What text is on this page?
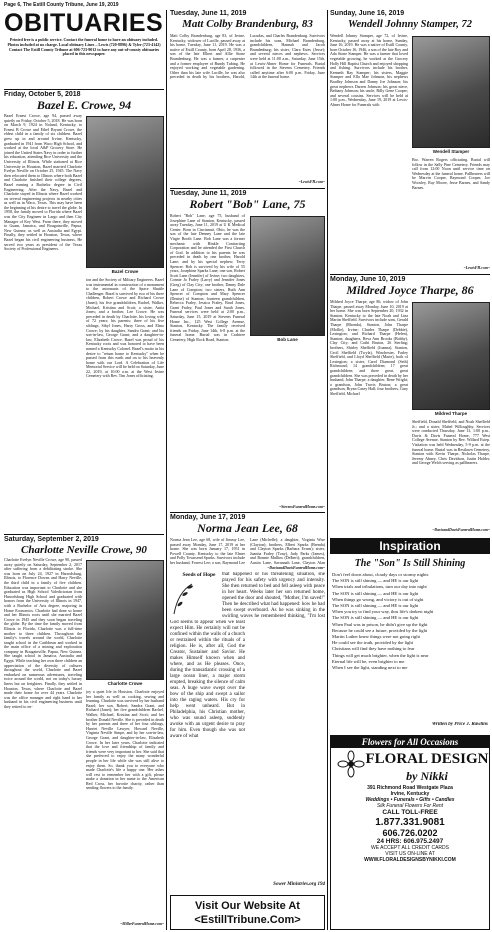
Page 6, The Estill County Tribune, June 19, 2019
OBITUARIES
Printed free is a public service. Contact the funeral home to have an obituary included. Photos included at no charge. Local obituary Lines – Lewis (720-8896) & Tyler (723-4142) Contact The Estill County Tribune at 606-723-9012 to have any out-of-county obituaries placed in this newspaper.
Friday, October 5, 2018
Bazel E. Crowe, 94
Bazel Ernest Crowe, age 94, passed away quietly on Friday, October 5, 2018. He was born on March 9, 1924 in Noland, Kentucky, to Ernest B Crowe and Ethel Bryant Crowe, the eldest child in a family of six children. Bazel grew up in and around Irvine, Kentucky, graduated in 1941 from Wacо High School, and worked at the local A&P Grocery Store. He joined the United States Navy in order to further his education, attending Rice University and the University of Illinois. While stationed at Rice University in Houston, Bazel married Charlotte Evelyn Neville on October 25, 1945. The Navy then relocated them to Illinois where both Bazel and Charlotte finished their college degrees, Bazel earning a Bachelor degree in Civil Engineering. After the Navy, Bazel and Charlotte stayed in Illinois where Bazel worked on several engineering projects in nearby cities as well as in Waco, Texas. This may have been the beginning of his desire to travel the globe. In 1958, the family moved to Florida where Bazel was the City Engineer in Largo and then City Manager of Key West. From there, they moved to Guam, Jamaica, and Bougainville, Papua, New Guinea; as well as Australia and Egypt. Finally, they settled in Houston, Texas, where Bazel began his civil engineering business. He served two years as president of the Texas Society of Professional Engineers.
Bazel Crowe
ton and the Society of Military Engineers. Bazel was instrumental in construction of a monument to the astronauts of the Space Shuttle Challenger. Bazel is survived by two of his three children, Robert Crowe and Richard Crowe (Janet); his five grandchildren, Rachel, Walker, Michael, Kristina and Scott; a sister, Anita Jones; and a brother, Lee Crowe. He was preceded in death by Charlotte, his loving wife of 72 years; his parents; three of his five siblings, Sibyl Jones, Harry Gross, and Elmo Crowe; by his daughter, Sandra Grant; and his son-in-law, George Grant; and a daughter-in-law, Elizabeth Crowe. Bazel was proud of his Kentucky roots and was honored to have been named a Kentucky Colonel. Bazel's motto in his desire to "return home to Kentucky" when he passed from this earth and on to his heavenly home with our Lord. A Celebration of Life Memorial Service will be held on Saturday, June 22, 2019, at 10:00 a.m. at the West Irvine Cemetery with Rev. Tim Jones officiating.
Saturday, September 2, 2019
Charlotte Neville Crowe, 90
Charlotte Evelyn Neville Crowe, age 90, passed away quietly on Saturday, September 2, 2017 after suffering from a debilitating stroke. She was born on July 24, 1927 in Harrodsburg, Illinois, to Florence Downs and Harry Neville, the third child in a family of five children. Education was important to Charlotte and she graduated as High School Valedictorian from Harrodsburg High School and graduated with honors from the University of Illinois in 1947, with a Bachelor of Arts degree, majoring in Home Economics. Charlotte had done so home and her Illinois roots until she married Bazel Crowe in 1945 and they soon began traveling the globe. By the time the family moved from Illinois to Florida, Charlotte was a full-time mother to three children. Throughout the family's travels around the world, Charlotte taught school in the Caribbean and worked in the main office of a mining and exploration company in Bougainville, Papua, New Guinea. She taught school in Jamaica, Australia and Egypt. While teaching her own three children an appreciation of the diversity of cultures throughout the world, Charlotte and Bazel embarked on numerous adventures, traveling twice around the world, not on today's luxury liners but on freighters. Finally, they settled in Houston, Texas, where Charlotte and Bazel made their home for over 44 years. Charlotte was the office manager and right hand to her husband in his civil engineering business until they retired to en-
Charlotte Crowe
joy a quiet life in Houston. Charlotte enjoyed her family as well as cooking, sewing and learning. Charlotte was survived by her husband Bazel; her son, Robert; Sandra Grant, and Richard (Janet); her five grandchildren Rachel, Walker, Michael, Kristina and Scott; and her brother Donald Neville. She is preceded in death by her parents and three of her four siblings, Harriet Neville Lawyer, Howard Neville, Virginia Neville Simpe, and by her son-in-law, George Grant, and daughter-in-law, Elizabeth Crowe. In her later years, Charlotte indicated that the love and friendship of family and friends were very important to her. She said that she preferred to enjoy the many wonderful people in her life while she was still alive to enjoy them. So, thank you to everyone who made Charlotte's life a happy one. Her ashes will rest to remember her with a gift, please make a donation in her name to the American Red Cross, her favorite charity, rather than sending flowers to the family.
~MillerFuneralHome.com~
Tuesday, June 11, 2019
Matt Colby Brandenburg, 83
Matt Colby Brandenburg, age 83, of Irvine, Kentucky, widower of Lucille, passed away at his home, Tuesday, June 11, 2019. He was a native of Estill County, born April 28, 1936, a son of the late Elbert and Allie Stone Brandenburg. He was a farmer, a carpenter and a former employee of Bundy Tubing. He enjoyed working and vegetable gardening. Other than his late wife Lucille, he was also preceded in death by his brothers, Harold, Lucudas, and Charles Brandenburg. Survivors include his sons, Michael Brandenburg, grandchildren, Hannah and Jacob Brandenburg; his sister, Clara Estes (Jesse); and several nieces and nephews. Services were held at 11:00 a.m., Saturday, June 15th, at Lewis-Abner Home for Funerals. Burial followed in the Stevens Cemetery. Friends called anytime after 6:00 p.m. Friday, June 14th at the funeral home.
~LewisFH.com~
Tuesday, June 11, 2019
Robert "Bob" Lane, 75
Robert "Bob" Lane, age 75, husband of Josephine Lane of Stanton, Kentucky, passed away Tuesday, June 11, 2019 at U K Medical Center. Born in Cincinnati, Ohio, he was the son of the late Denney Lane and the late Virgie Booth Lane. Bob Lane was a former mechanic with Hinkle Contracting Corporation and he attended the First Church of God. In addition to his parents he was preceded in death by one brother, Harold Lane; and by his special nephew, Terry Spencer. Bob is survived by his wife of 55 years, Josephine Sparks Lane; one son, Robert Scott Lane (Jennifer) of Irvine; two daughters, Connie Jo Fraley (Larry) and Jennifer Jones (Greg) of Clay City; one brother, Danny Dale Lane of Compton; two sisters, Ruth Ann Spencer of Compton and Mary Spencer (Denise) of Stanton; fourteen grandchildren, Rebecca Fraley, Jessica Fraley, Brad Jones, Grant Fraley, Paul Jones and Sarah Jones. Funeral services were held at 2:00 p.m., Saturday, June 15, 2019 at Stevens Funeral Home Inc., 125 West College Avenue, Stanton, Kentucky. The family received friends on Friday, June 14th, 6-8 p.m. at the funeral home. Burial was in Crabtree Cemetery, High Rock Road, Stanton.	Bob Lane
~StevensFuneralHome.com~
Monday, June 17, 2019
Norma Jean Lee, 68
Norma Jean Lee, age 68, wife of Jimmy Lee, passed away Monday, June 17, 2019 at her home. She was born January 17, 1951 in Powell County, Kentucky to the late Elmer and Polly Townsend Sparks. Survivors include her husband, Forrest Lee; a son, Raymond Lee Lane (Michelle); a daughter, Virginia Wise (Clayton); brothers, Elbert Sparks (Brenda) and Clayton Sparks (Barbara Evans); sister, Juanita Fraley (Tony), Judy Parks (James), and Bonnie Mullins (Delbert); grandchildren, Austin Lane, Savannah Lane, Clayton Alan
~DavisandDavisFuneralHome.com~
Seeds of Hope	that happened or his threatening situation, she prayed for his safety with urgency and intensity. She then returned to bed and fell asleep with peace in her heart. Weeks later her son returned home, opened the door and shouted, "Mother, I'm saved!" Then he described what had happened: how he had been swept overboard. As he was sinking in the swirling waves he remembered thinking, "I'm lost
God seems to appear when we least expect Him. He certainly will not be confined within the walls of a church or restrained within the rituals of a religion. He is, after all, God the Creator, Sustainer and Savior. He makes Himself known when and where, and as He pleases. Once, during the transatlantic crossing of a large ocean liner, a major storm erupted, breaking the silence of calm seas. A huge wave swept over the bow of the ship and swept a sailor into the raging waters. His cry for help went unheard. But in Philadelphia, his Christian mother, who was sound asleep, suddenly awoke with an urgent desire to pray for him. Even though she was not aware of what
Sower Ministries.org 194
Visit Our Website At
<EstillTribune.Com>
Sunday, June 16, 2019
Wendell Johnny Stamper, 72
Wendell Johnny Stamper, age 72, of Irvine, Kentucky, passed away at his home, Sunday, June 16, 2019. He was a native of Estill County, born October 16, 1946, a son of the late Roy and Ada Stone Stamper. He was a farmer that loved vegetable growing, he worked at the Grocery Holly Hill Baptist Church and enjoyed shopping and fishing. Survivors include his brother, Kenneth Ray Stamper; his sisters, Maggie Stamper and Ella Mae Johnson, his nephews Bradley Johnson and Danny Joe Johnson; his great nephews Darren Johnson; his great niece, Bethany Johnson; his uncle, Billy Gene Cooper; and several cousins. Services will be held at 1:00 p.m., Wednesday, June 19, 2019 at Lewis-Abner Home for Funerals with
Wendell Stamper
Bro. Warren Rogers officiating. Burial will follow in the Sally Pine Cemetery. Friends may call from 12:00 Noon until service time on Wednesday at the funeral home. Pallbearers will be Marvin Cooper, Raymond Cooper, Joe Woosley, Ray Moore, Jesse Barnes, and Sandy Barnes.
~LewisFH.com~
Monday, June 10, 2019
Mildred Joyce Tharpe, 86
Mildred Joyce Tharpe, age 86, widow of John Tharpe, passed away Monday, June 10, 2019 at her home. She was born September 20, 1932 in Stanton, Kentucky to the late Noah and Lina Martin Sheffield. Survivors include sons, Gerald Tharpe (Rhonda), Stanton, John Tharpe (Mollie), Irvine; Charles Tharpe (Debbie), Lexington; and Richard Tharpe (Helen), Stanton; daughters, Reva Ann Brooks (Bobby), Clay City; and Cathi Bruton, 26 Sterling; brothers, Shirley Sheffield (Joanna), Stanton, Cecil Sheffield (Twyla), Winchester, Farley Sheffield, and Lloyd Sheffield (Marie), both of Lexington; a sister, Carol Diamond (Seth) Richmond; 14 grandchildren; 17 great grandchildren; and three great, great grandchildren. She was preceded in death by her husband, John Tharpe; a daughter, Rene Wright; a grandson, John Travis Bruton; a great grandson, Bryan Casey Hall; four brothers, Gary Sheffield, Michael
Mildred Tharpe
Sheffield, Donald Sheffield, and Noah Sheffield Jr.; and a sister, Mabel Willoughby. Services were conducted Thursday, June 13, 1:00 p.m., Davis & Davis Funeral Home, 777 West College Avenue, Stanton by Rev. Willard Estep. Visitation was held Wednesday, 5-9 p.m. at the funeral home. Burial was in Restlawn Cemetery, Stanton with Kevin Tharpe, Nicholas Tharpe, Jeremy Abney, Chris Davidson, Justin Holder, and George Welch serving as pallbearers.
~DavisandDavisFuneralHome.com~
Inspiration
The "Son" Is Still Shining
Don't feel down about, cloudy days or stormy nights
The SON is still shining — and HE is our light
When trials and tribulations, turn our day into night
The SON is still shining — and HE is our light
When things go wrong, and victory is out of sight
The SON is still shining — and HE is our light
When you try to find your way, thru life's darkest night
The SON is still shining — and HE is our light
When Paul was in prison, he didn't give up the fight
Because he could see a future, provided by the light
Martin Luther knew things were not going right
He could see the truth, provided by the light
Christians will find they have nothing to fear
Things will get much brighter, when the light is near
Eternal life will be, even brighter to me
When I see the light, standing next to me
Written by Price J. Rawlins
Flowers for All Occasions
FLORAL DESIGN
by Nikki
391 Richmond Road Westgate Plaza
Irvine, Kentucky
Weddings • Funerals • Gifts • Candles
Silk Funeral Flowers For Rent
CALL TOLL-FREE
1.877.331.9081
606.726.0202
24 HRS: 606.975.2497
WE ACCEPT ALL CREDIT CARDS
VISIT US ON-LINE AT
WWW.FLORALDESIGNSBYNIKKI.COM
